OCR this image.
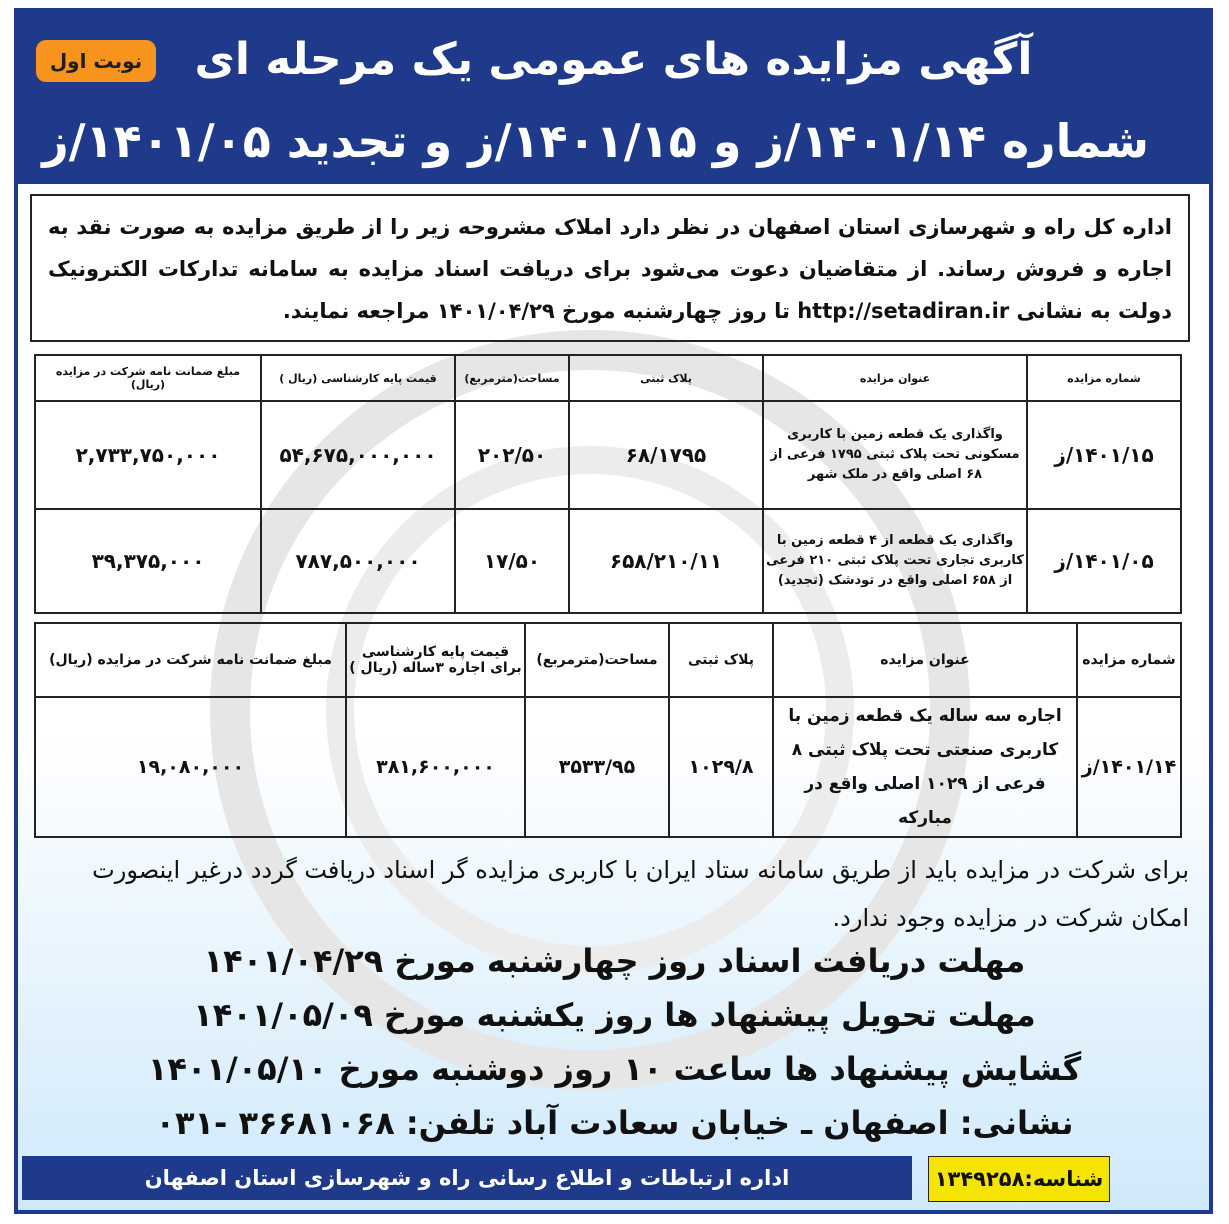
آگهی مزایده های عمومی یک مرحله ای
شماره ۱۴۰۱/۱۴/ز و ۱۴۰۱/۱۵/ز و تجدید ۱۴۰۱/۰۵/ز
نوبت اول
اداره کل راه و شهرسازی استان اصفهان در نظر دارد املاک مشروحه زیر را از طریق مزایده به صورت نقد به اجاره و فروش رساند. از متقاضیان دعوت می‌شود برای دریافت اسناد مزایده به سامانه تدارکات الکترونیک دولت به نشانی http://setadiran.ir تا روز چهارشنبه مورخ ۱۴۰۱/۰۴/۲۹ مراجعه نمایند.
شماره مزایده	عنوان مزایده	پلاک ثبتی	مساحت(مترمربع)	قیمت پایه کارشناسی (ریال )	مبلغ ضمانت نامه شرکت در مزایده (ریال)
۱۴۰۱/۱۵/ز	واگذاری یک قطعه زمین با کاربری مسکونی تحت پلاک ثبتی ۱۷۹۵ فرعی از ۶۸ اصلی واقع در ملک شهر	۶۸/۱۷۹۵	۲۰۲/۵۰	۵۴,۶۷۵,۰۰۰,۰۰۰	۲,۷۳۳,۷۵۰,۰۰۰
۱۴۰۱/۰۵/ز	واگذاری یک قطعه از ۴ قطعه زمین با کاربری تجاری تحت پلاک ثبتی ۲۱۰ فرعی از ۶۵۸ اصلی واقع در تودشک (تجدید)	۶۵۸/۲۱۰/۱۱	۱۷/۵۰	۷۸۷,۵۰۰,۰۰۰	۳۹,۳۷۵,۰۰۰
شماره مزایده	عنوان مزایده	پلاک ثبتی	مساحت(مترمربع)	قیمت پایه کارشناسی برای اجاره ۳ساله (ریال )	مبلغ ضمانت نامه شرکت در مزایده (ریال)
۱۴۰۱/۱۴/ز	اجاره سه ساله یک قطعه زمین با کاربری صنعتی تحت پلاک ثبتی ۸ فرعی از ۱۰۲۹ اصلی واقع در مبارکه	۱۰۲۹/۸	۳۵۳۳/۹۵	۳۸۱,۶۰۰,۰۰۰	۱۹,۰۸۰,۰۰۰
برای شرکت در مزایده باید از طریق سامانه ستاد ایران با کاربری مزایده گر اسناد دریافت گردد درغیر اینصورت امکان شرکت در مزایده وجود ندارد.
مهلت دریافت اسناد روز چهارشنبه مورخ ۱۴۰۱/۰۴/۲۹
مهلت تحویل پیشنهاد ها روز یکشنبه مورخ ۱۴۰۱/۰۵/۰۹
گشایش پیشنهاد ها ساعت ۱۰ روز دوشنبه مورخ ۱۴۰۱/۰۵/۱۰
نشانی: اصفهان ـ خیابان سعادت آباد تلفن: ۳۶۶۸۱۰۶۸ -۰۳۱
اداره ارتباطات و اطلاع رسانی راه و شهرسازی استان اصفهان	شناسه:۱۳۴۹۲۵۸
